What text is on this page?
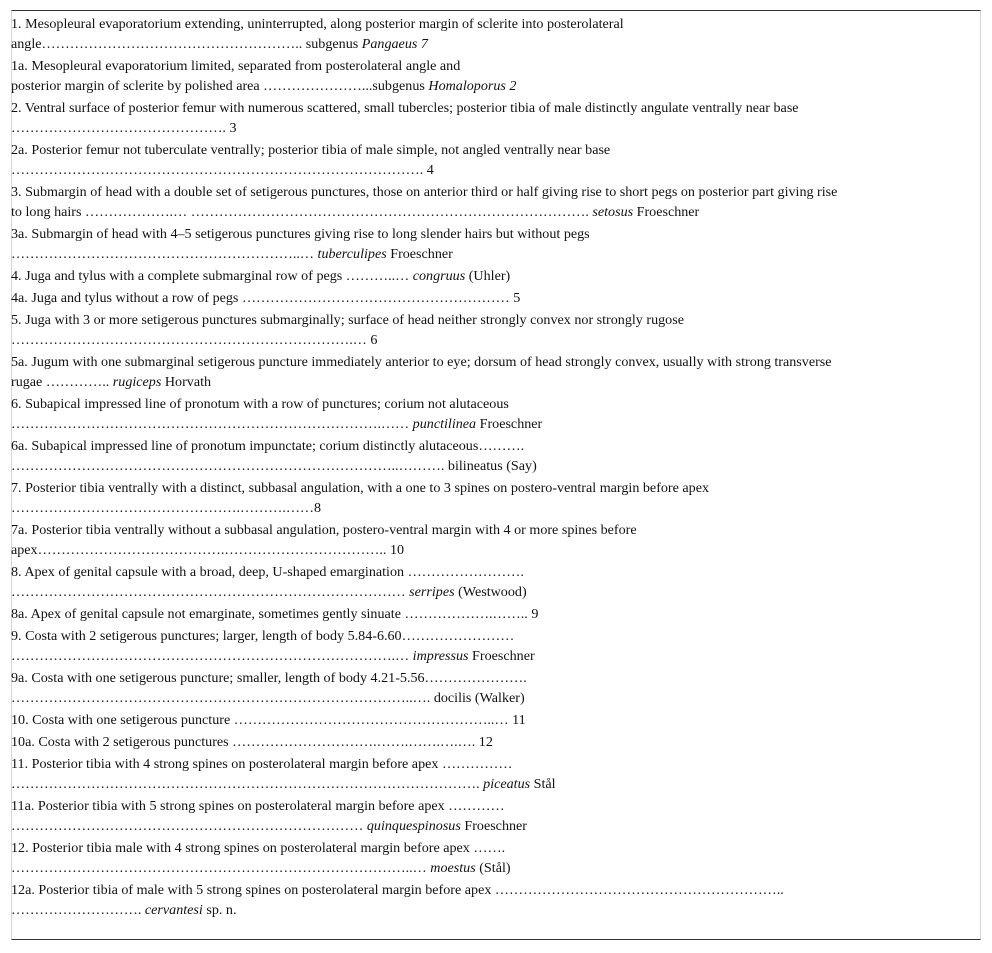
1. Mesopleural evaporatorium extending, uninterrupted, along posterior margin of sclerite into posterolateral
angle……………………………………………….. subgenus Pangaeus 7
1a. Mesopleural evaporatorium limited, separated from posterolateral angle and
posterior margin of sclerite by polished area …………………...subgenus Homaloporus 2
2. Ventral surface of posterior femur with numerous scattered, small tubercles; posterior tibia of male distinctly angulate ventrally near base
………………………………………. 3
2a. Posterior femur not tuberculate ventrally; posterior tibia of male simple, not angled ventrally near base
……………………………………………………………………………. 4
3. Submargin of head with a double set of setigerous punctures, those on anterior third or half giving rise to short pegs on posterior part giving rise
to long hairs ……………….… …………………………………………………………………………. setosus Froeschner
3a. Submargin of head with 4–5 setigerous punctures giving rise to long slender hairs but without pegs
……………………………………………………..… tuberculipes Froeschner
4. Juga and tylus with a complete submarginal row of pegs ………..… congruus (Uhler)
4a. Juga and tylus without a row of pegs ………………………………………………… 5
5. Juga with 3 or more setigerous punctures submarginally; surface of head neither strongly convex nor strongly rugose
……………………………………………………………….… 6
5a. Jugum with one submarginal setigerous puncture immediately anterior to eye; dorsum of head strongly convex, usually with strong transverse
rugae ………….. rugiceps Horvath
6. Subapical impressed line of pronotum with a row of punctures; corium not alutaceous
…………………………………………………………………….…… punctilinea Froeschner
6a. Subapical impressed line of pronotum impunctate; corium distinctly alutaceous……….
………………………………………………………………………..………. bilineatus (Say)
7. Posterior tibia ventrally with a distinct, subbasal angulation, with a one to 3 spines on postero-ventral margin before apex
………………………………………….……….……8
7a. Posterior tibia ventrally without a subbasal angulation, postero-ventral margin with 4 or more spines before
apex………………………………….…………………………….. 10
8. Apex of genital capsule with a broad, deep, U-shaped emargination …………………….
………………………………………………………………………… serripes (Westwood)
8a. Apex of genital capsule not emarginate, sometimes gently sinuate ……………….…….. 9
9. Costa with 2 setigerous punctures; larger, length of body 5.84-6.60……………………
……………………………………………………………………….… impressus Froeschner
9a. Costa with one setigerous puncture; smaller, length of body 4.21-5.56………………….
…………………………………………………………………………..…. docilis (Walker)
10. Costa with one setigerous puncture ………………………………………………..… 11
10a. Costa with 2 setigerous punctures ………………………….…….…….….…. 12
11. Posterior tibia with 4 strong spines on posterolateral margin before apex ……………
………………………………………………………………………………………. piceatus Stål
11a. Posterior tibia with 5 strong spines on posterolateral margin before apex …………
………………………………………………………………… quinquespinosus Froeschner
12. Posterior tibia male with 4 strong spines on posterolateral margin before apex …….
…………………………………………………………………………..… moestus (Stål)
12a. Posterior tibia of male with 5 strong spines on posterolateral margin before apex ……………………………………………………..
………………………. cervantesi sp. n.
